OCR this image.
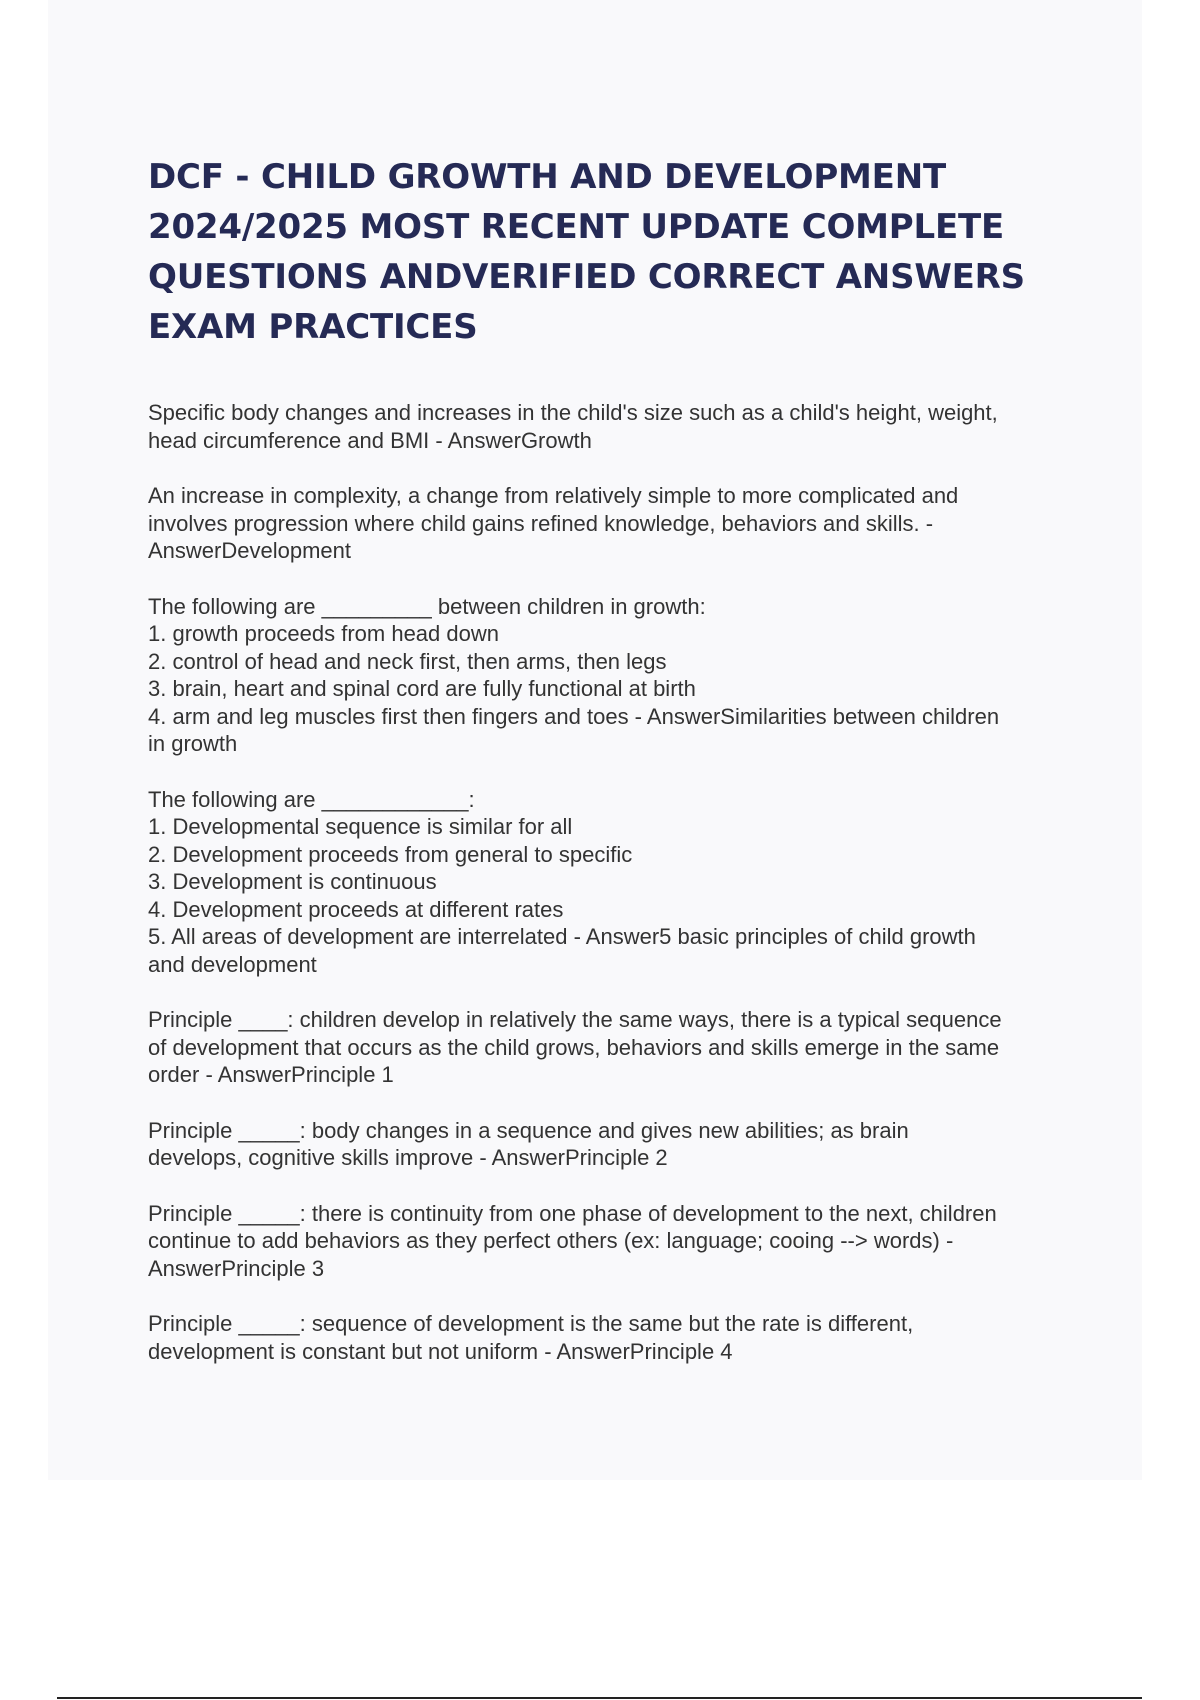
DCF - CHILD GROWTH AND DEVELOPMENT 2024/2025 MOST RECENT UPDATE COMPLETE QUESTIONS ANDVERIFIED CORRECT ANSWERS EXAM PRACTICES
Specific body changes and increases in the child's size such as a child's height, weight,
head circumference and BMI - AnswerGrowth
An increase in complexity, a change from relatively simple to more complicated and
involves progression where child gains refined knowledge, behaviors and skills. -
AnswerDevelopment
The following are _________ between children in growth:
1. growth proceeds from head down
2. control of head and neck first, then arms, then legs
3. brain, heart and spinal cord are fully functional at birth
4. arm and leg muscles first then fingers and toes - AnswerSimilarities between children
in growth
The following are ____________:
1. Developmental sequence is similar for all
2. Development proceeds from general to specific
3. Development is continuous
4. Development proceeds at different rates
5. All areas of development are interrelated - Answer5 basic principles of child growth
and development
Principle ____: children develop in relatively the same ways, there is a typical sequence
of development that occurs as the child grows, behaviors and skills emerge in the same
order - AnswerPrinciple 1
Principle _____: body changes in a sequence and gives new abilities; as brain
develops, cognitive skills improve - AnswerPrinciple 2
Principle _____: there is continuity from one phase of development to the next, children
continue to add behaviors as they perfect others (ex: language; cooing --> words) -
AnswerPrinciple 3
Principle _____: sequence of development is the same but the rate is different,
development is constant but not uniform - AnswerPrinciple 4
